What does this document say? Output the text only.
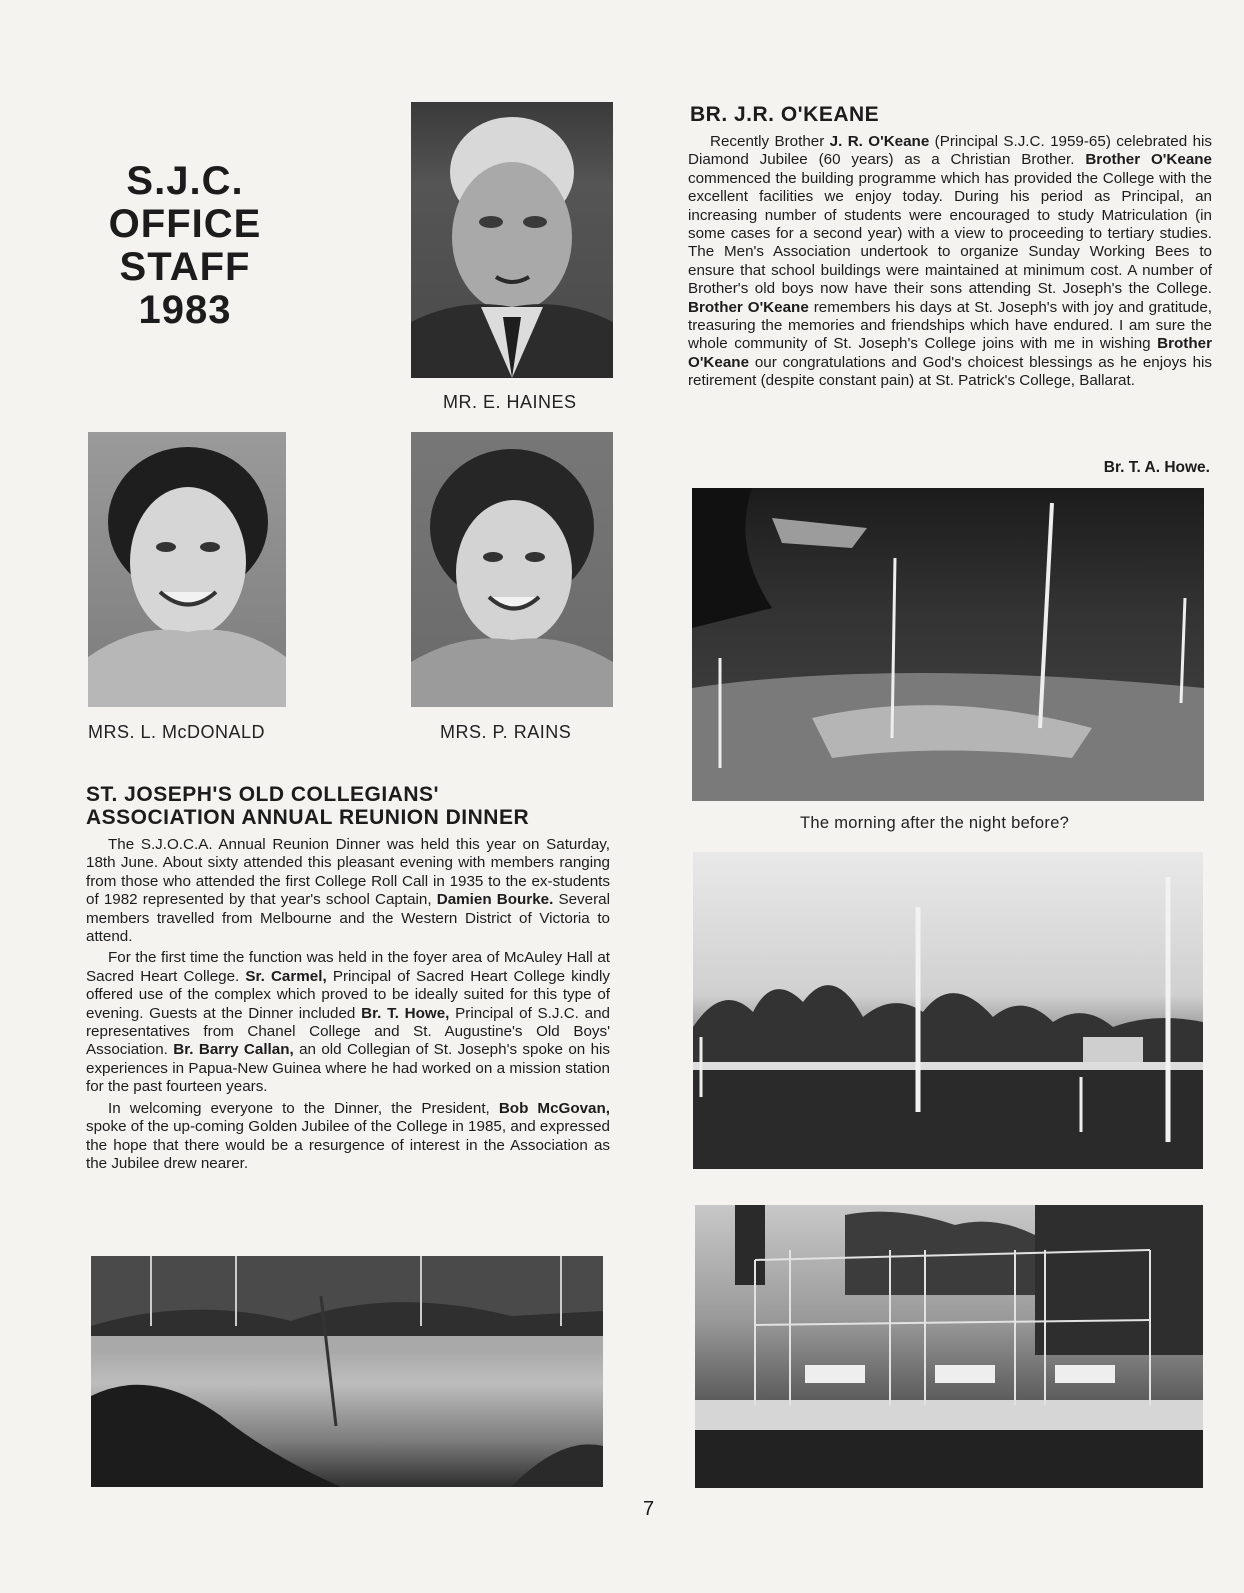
S.J.C.
OFFICE
STAFF
1983
MR. E. HAINES
MRS. L. McDONALD	MRS. P. RAINS
ST. JOSEPH'S OLD COLLEGIANS'
ASSOCIATION ANNUAL REUNION DINNER

The S.J.O.C.A. Annual Reunion Dinner was held this year on Saturday, 18th June. About sixty attended this pleasant evening with members ranging from those who attended the first College Roll Call in 1935 to the ex-students of 1982 represented by that year's school Captain, Damien Bourke. Several members travelled from Melbourne and the Western District of Victoria to attend.

For the first time the function was held in the foyer area of McAuley Hall at Sacred Heart College. Sr. Carmel, Principal of Sacred Heart College kindly offered use of the complex which proved to be ideally suited for this type of evening. Guests at the Dinner included Br. T. Howe, Principal of S.J.C. and representatives from Chanel College and St. Augustine's Old Boys' Association. Br. Barry Callan, an old Collegian of St. Joseph's spoke on his experiences in Papua-New Guinea where he had worked on a mission station for the past fourteen years.

In welcoming everyone to the Dinner, the President, Bob McGovan, spoke of the up-coming Golden Jubilee of the College in 1985, and expressed the hope that there would be a resurgence of interest in the Association as the Jubilee drew nearer.

BR. J.R. O'KEANE

Recently Brother J. R. O'Keane (Principal S.J.C. 1959-65) celebrated his Diamond Jubilee (60 years) as a Christian Brother. Brother O'Keane commenced the building programme which has provided the College with the excellent facilities we enjoy today. During his period as Principal, an increasing number of students were encouraged to study Matriculation (in some cases for a second year) with a view to proceeding to tertiary studies. The Men's Association undertook to organize Sunday Working Bees to ensure that school buildings were maintained at minimum cost. A number of Brother's old boys now have their sons attending St. Joseph's the College. Brother O'Keane remembers his days at St. Joseph's with joy and gratitude, treasuring the memories and friendships which have endured. I am sure the whole community of St. Joseph's College joins with me in wishing Brother O'Keane our congratulations and God's choicest blessings as he enjoys his retirement (despite constant pain) at St. Patrick's College, Ballarat.

Br. T. A. Howe.
The morning after the night before?
7
